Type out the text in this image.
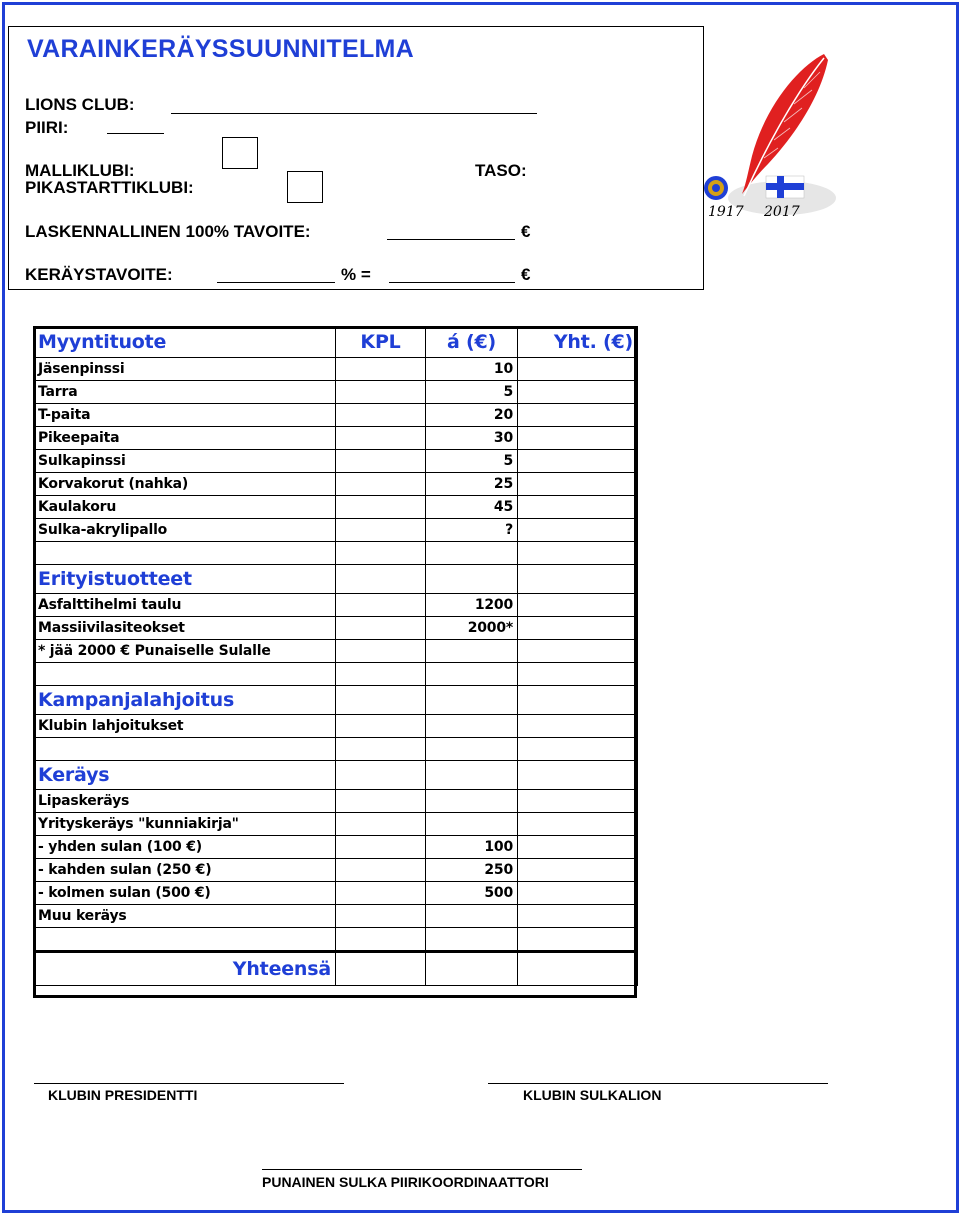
VARAINKERÄYSSUUNNITELMA
LIONS CLUB:
PIIRI:
MALLIKLUBI:
PIKASTARTTIKLUBI:
TASO:
LASKENNALLINEN 100% TAVOITE:	€
KERÄYSTAVOITE:	% =	€
1917 2017
Myyntituote	KPL	á (€)	Yht. (€)
Jäsenpinssi		10	
Tarra		5	
T-paita		20	
Pikeepaita		30	
Sulkapinssi		5	
Korvakorut (nahka)		25	
Kaulakoru		45	
Sulka-akrylipallo		?	

Erityistuotteet			
Asfalttihelmi taulu		1200	
Massiivilasiteokset		2000*	
* jää 2000 € Punaiselle Sulalle			

Kampanjalahjoitus			
Klubin lahjoitukset			

Keräys			
Lipaskeräys			
Yrityskeräys "kunniakirja"			
- yhden sulan (100 €)		100	
- kahden sulan (250 €)		250	
- kolmen sulan (500 €)		500	
Muu keräys			

Yhteensä			
KLUBIN PRESIDENTTI	KLUBIN SULKALION
PUNAINEN SULKA PIIRIKOORDINAATTORI
